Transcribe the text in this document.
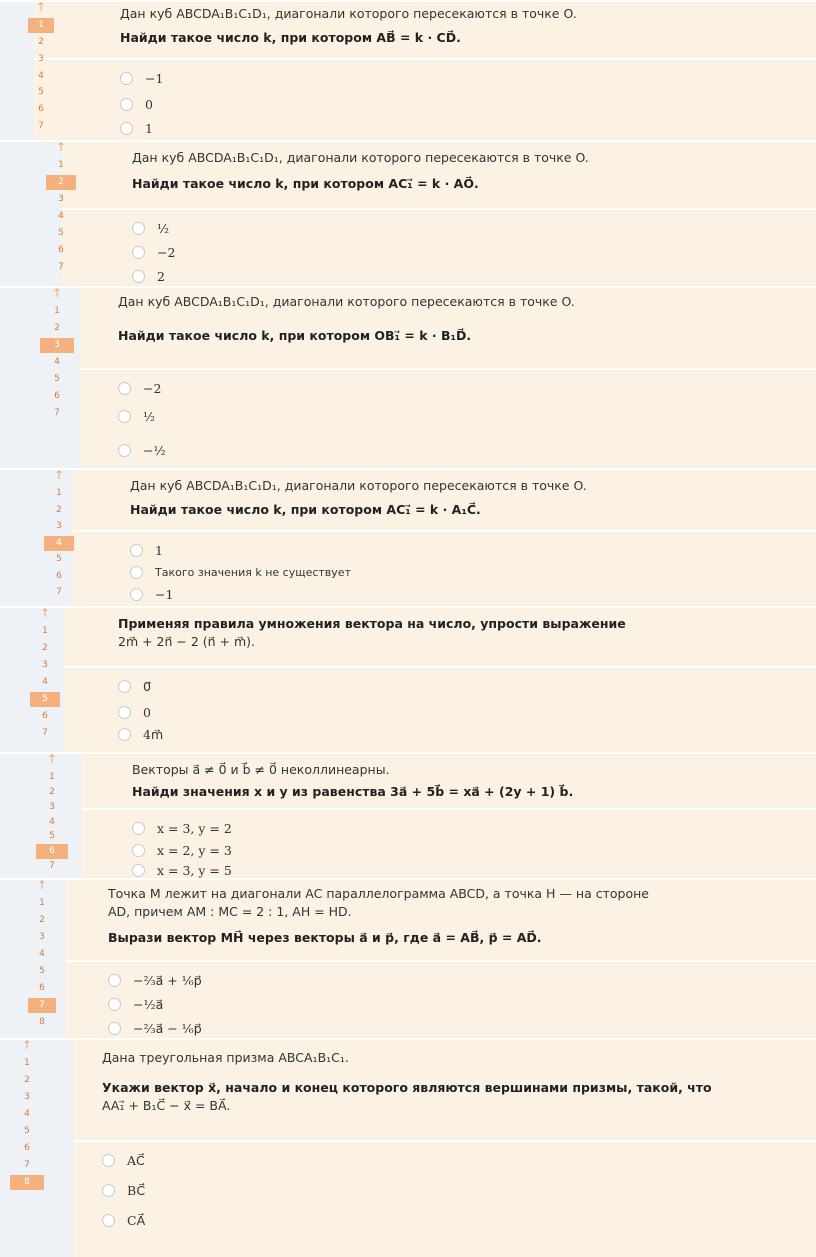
↑
1
2
3
4
5
6
7
Дан куб ABCDA₁B₁C₁D₁, диагонали которого пересекаются в точке O.
Найди такое число k, при котором AB⃗ = k · CD⃗.
−1
0
1
↑
1
2
3
4
5
6
7
Дан куб ABCDA₁B₁C₁D₁, диагонали которого пересекаются в точке O.
Найди такое число k, при котором AC₁⃗ = k · AO⃗.
½
−2
2
↑
1
2
3
4
5
6
7
Дан куб ABCDA₁B₁C₁D₁, диагонали которого пересекаются в точке O.
Найди такое число k, при котором OB₁⃗ = k · B₁D⃗.
−2
½
−½
↑
1
2
3
4
5
6
7
Дан куб ABCDA₁B₁C₁D₁, диагонали которого пересекаются в точке O.
Найди такое число k, при котором AC₁⃗ = k · A₁C⃗.
1
Такого значения k не существует
−1
↑
1
2
3
4
5
6
7
Применяя правила умножения вектора на число, упрости выражение
2m⃗ + 2n⃗ − 2 (n⃗ + m⃗).
0⃗
0
4m⃗
↑
1
2
3
4
5
6
7
Векторы a⃗ ≠ 0⃗ и b⃗ ≠ 0⃗ неколлинеарны.
Найди значения x и y из равенства 3a⃗ + 5b⃗ = xa⃗ + (2y + 1) b⃗.
x = 3, y = 2
x = 2, y = 3
x = 3, y = 5
↑
1
2
3
4
5
6
7
8
Точка M лежит на диагонали AC параллелограмма ABCD, а точка H — на стороне
AD, причем AM : MC = 2 : 1, AH = HD.
Вырази вектор MH⃗ через векторы a⃗ и p⃗, где a⃗ = AB⃗, p⃗ = AD⃗.
−⅔a⃗ + ⅙p⃗
−½a⃗
−⅔a⃗ − ⅙p⃗
↑
1
2
3
4
5
6
7
8
Дана треугольная призма ABCA₁B₁C₁.
Укажи вектор x⃗, начало и конец которого являются вершинами призмы, такой, что
AA₁⃗ + B₁C⃗ − x⃗ = BA⃗.
AC⃗
BC⃗
CA⃗
